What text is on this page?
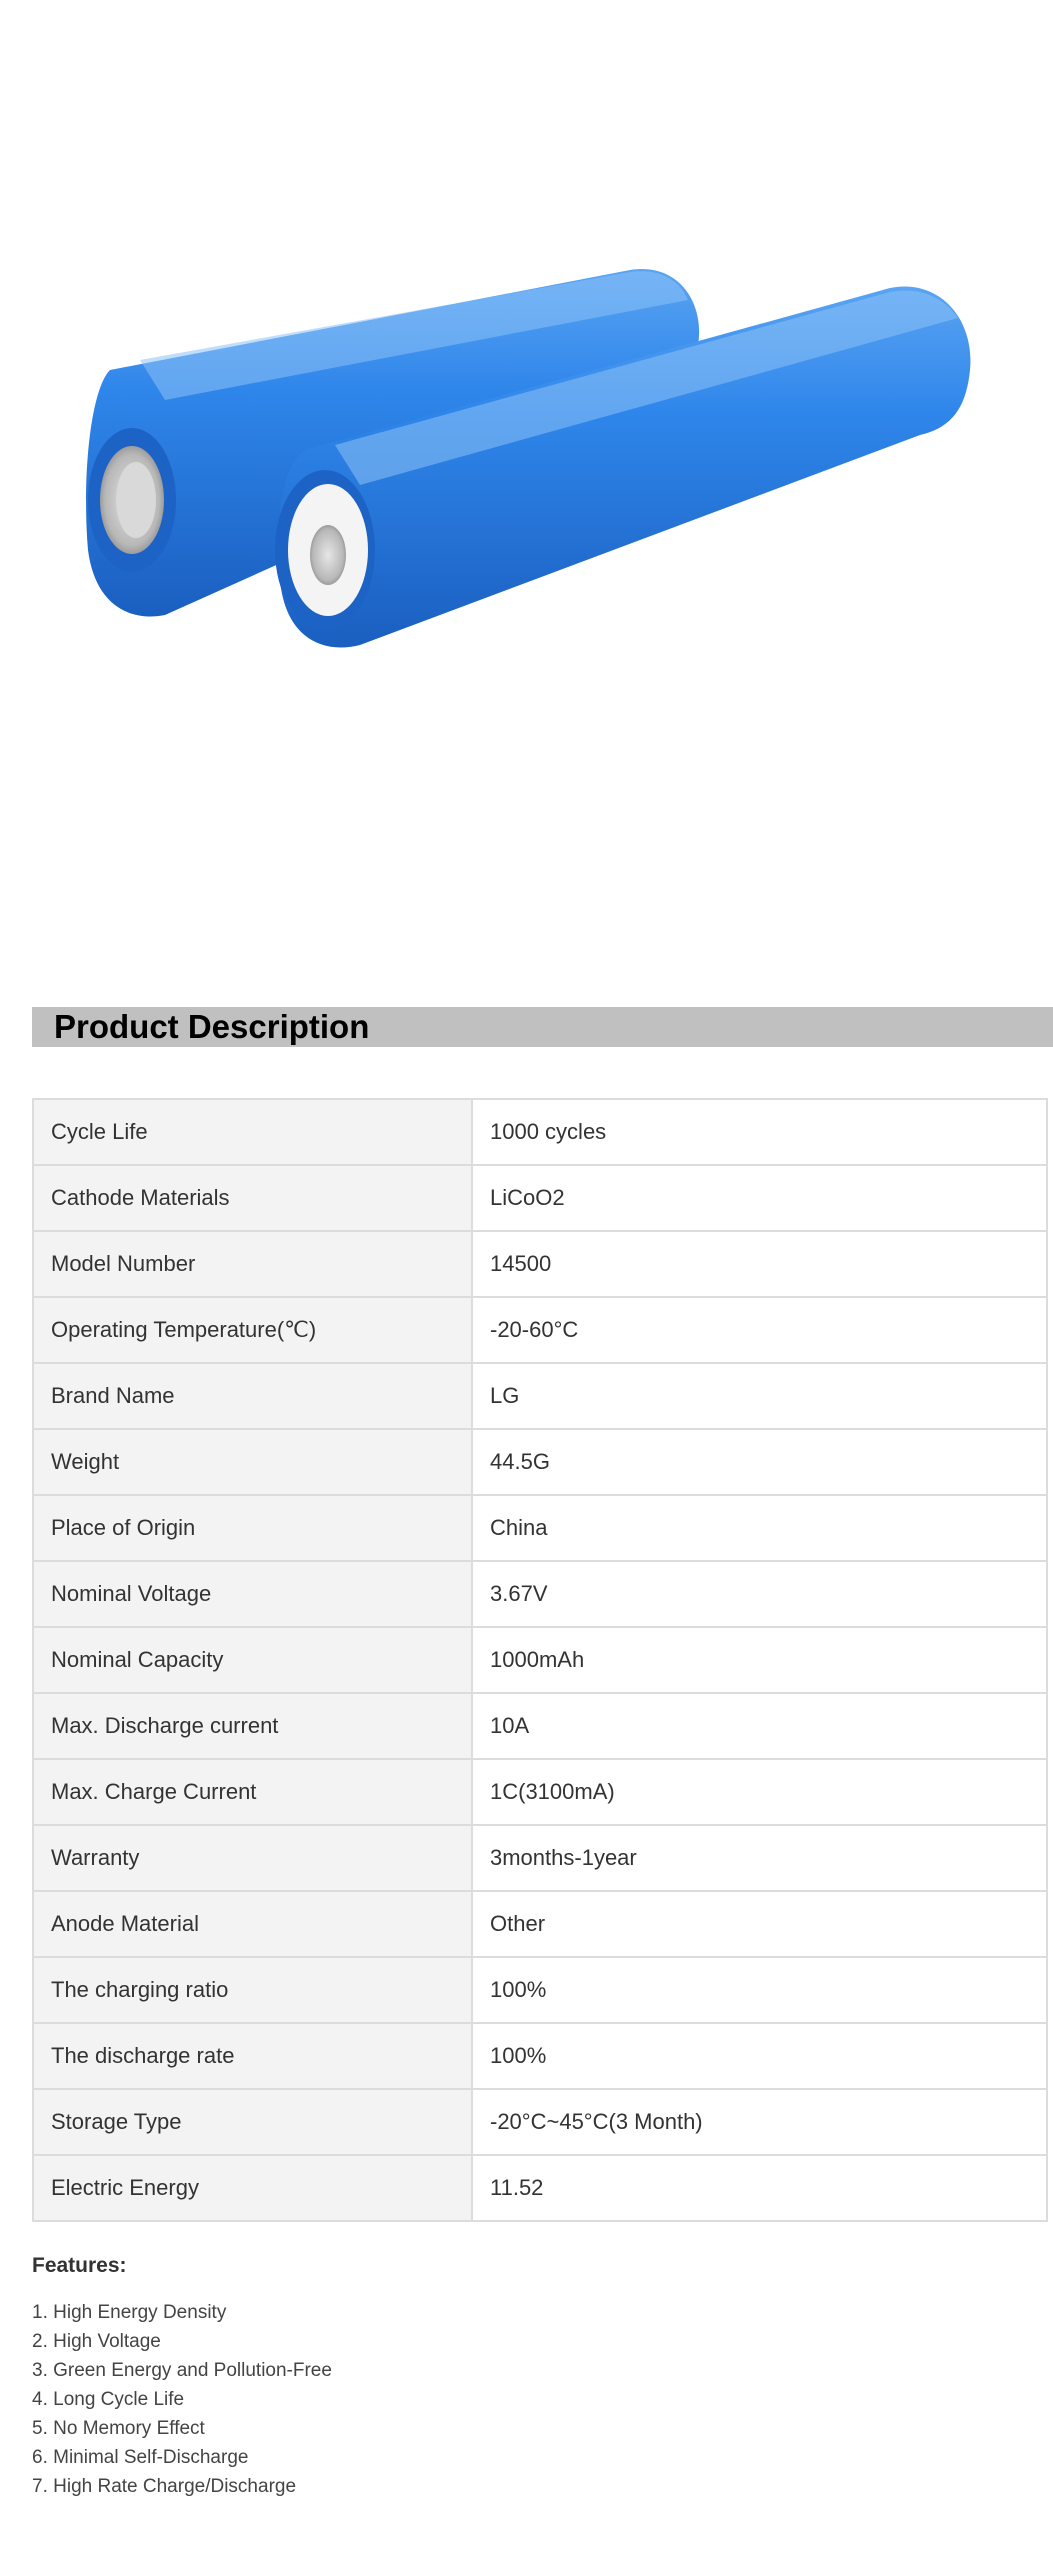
Product Description
Cycle Life	1000 cycles
Cathode Materials	LiCoO2
Model Number	14500
Operating Temperature(℃)	-20-60°C
Brand Name	LG
Weight	44.5G
Place of Origin	China
Nominal Voltage	3.67V
Nominal Capacity	1000mAh
Max. Discharge current	10A
Max. Charge Current	1C(3100mA)
Warranty	3months-1year
Anode Material	Other
The charging ratio	100%
The discharge rate	100%
Storage Type	-20°C~45°C(3 Month)
Electric Energy	11.52
Features:
1. High Energy Density
2. High Voltage
3. Green Energy and Pollution-Free
4. Long Cycle Life
5. No Memory Effect
6. Minimal Self-Discharge
7. High Rate Charge/Discharge
